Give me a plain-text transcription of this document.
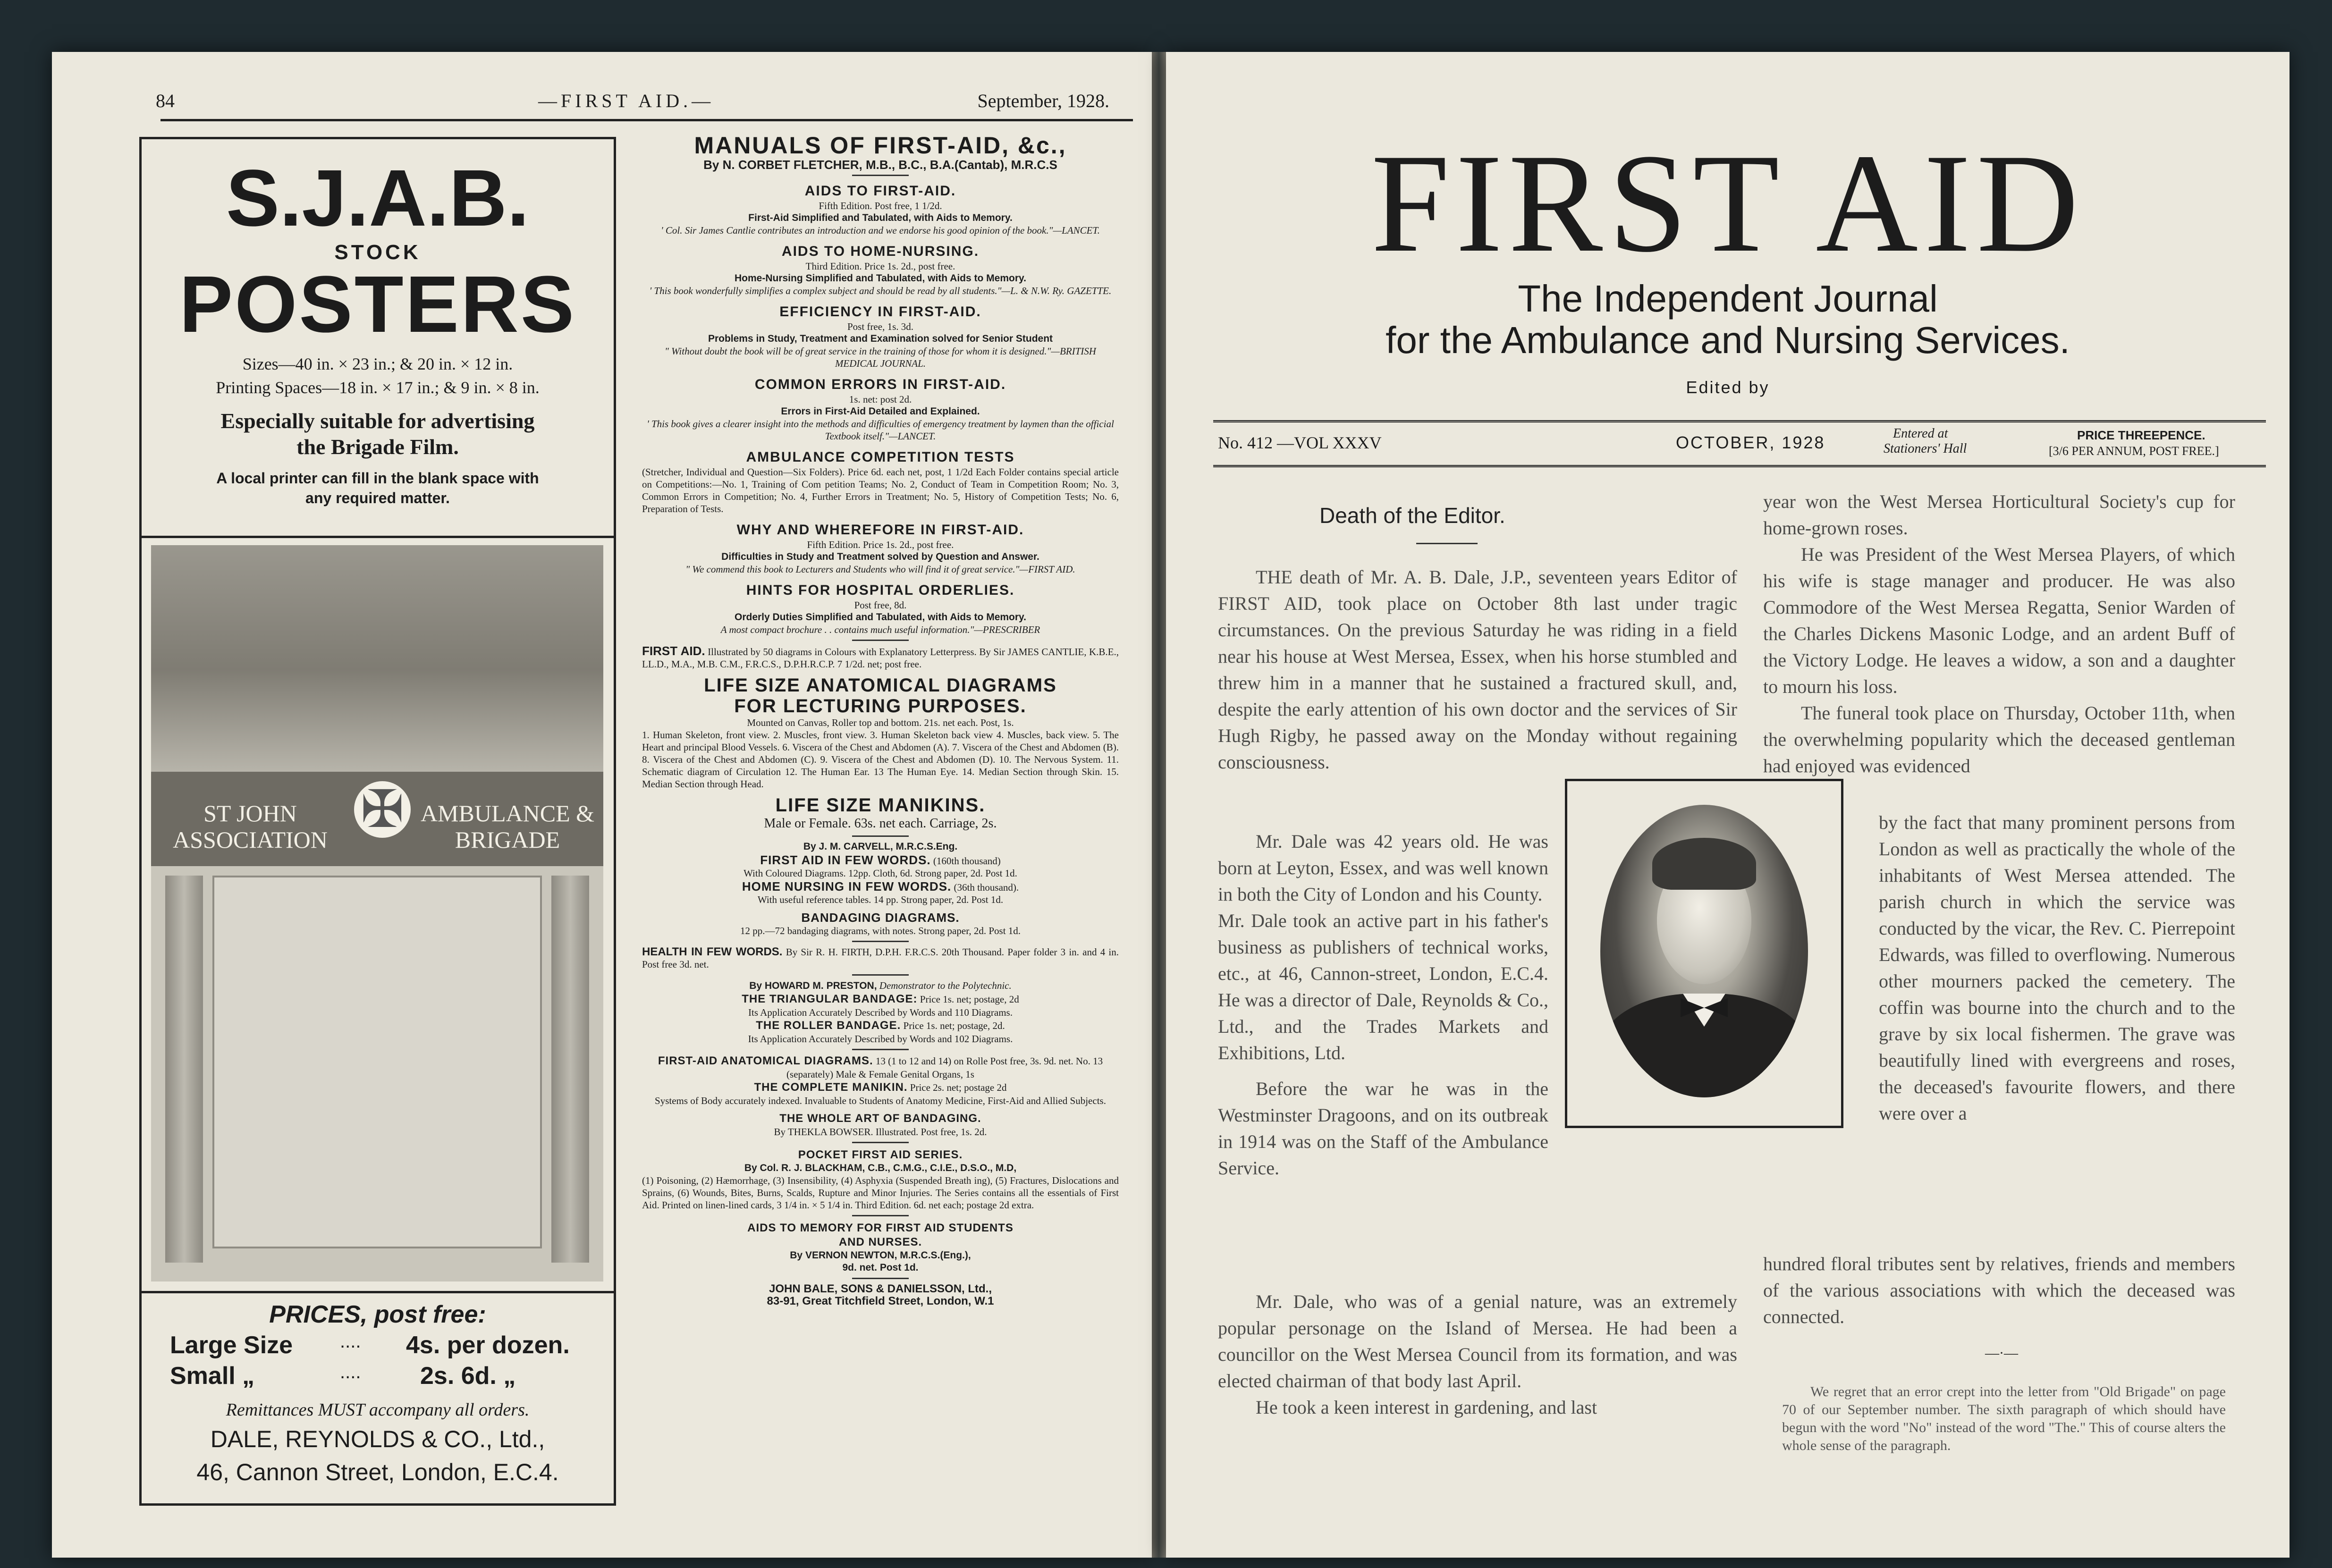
84	—FIRST AID.—	September, 1928.
S.J.A.B.
STOCK
POSTERS
Sizes—40 in. × 23 in.; & 20 in. × 12 in.
Printing Spaces—18 in. × 17 in.; & 9 in. × 8 in.
Especially suitable for advertising
the Brigade Film.
A local printer can fill in the blank space with
any required matter.
ST JOHN ASSOCIATION
✠ AMBULANCE & BRIGADE
PRICES, post free:
Large Size .... 4s. per dozen.
Small „	.... 2s. 6d. „
Remittances MUST accompany all orders.
DALE, REYNOLDS & CO., Ltd.,
46, Cannon Street, London, E.C.4.

MANUALS OF FIRST-AID, &c.,

By N. CORBET FLETCHER, M.B., B.C., B.A.(Cantab), M.R.C.S

AIDS TO FIRST-AID.

Fifth Edition. Post free, 1 1/2d.

First-Aid Simplified and Tabulated, with Aids to Memory.

' Col. Sir James Cantlie contributes an introduction and we endorse his good opinion of the book."—LANCET.

AIDS TO HOME-NURSING.

Third Edition. Price 1s. 2d., post free.

Home-Nursing Simplified and Tabulated, with Aids to Memory.

' This book wonderfully simplifies a complex subject and should be read by all students."—L. & N.W. Ry. GAZETTE.

EFFICIENCY IN FIRST-AID.

Post free, 1s. 3d.

Problems in Study, Treatment and Examination solved for Senior Student

" Without doubt the book will be of great service in the training of those for whom it is designed."—BRITISH MEDICAL JOURNAL.

COMMON ERRORS IN FIRST-AID.

1s. net: post 2d.

Errors in First-Aid Detailed and Explained.

' This book gives a clearer insight into the methods and difficulties of emergency treatment by laymen than the official Textbook itself."—LANCET.

AMBULANCE COMPETITION TESTS

(Stretcher, Individual and Question—Six Folders). Price 6d. each net, post, 1 1/2d Each Folder contains special article on Competitions:—No. 1, Training of Com petition Teams; No. 2, Conduct of Team in Competition Room; No. 3, Common Errors in Competition; No. 4, Further Errors in Treatment; No. 5, History of Competition Tests; No. 6, Preparation of Tests.

WHY AND WHEREFORE IN FIRST-AID.

Fifth Edition. Price 1s. 2d., post free.

Difficulties in Study and Treatment solved by Question and Answer.

" We commend this book to Lecturers and Students who will find it of great service."—FIRST AID.

HINTS FOR HOSPITAL ORDERLIES.

Post free, 8d.

Orderly Duties Simplified and Tabulated, with Aids to Memory.

A most compact brochure . . contains much useful information."—PRESCRIBER

FIRST AID. Illustrated by 50 diagrams in Colours with Explanatory Letterpress. By Sir JAMES CANTLIE, K.B.E., LL.D., M.A., M.B. C.M., F.R.C.S., D.P.H.R.C.P. 7 1/2d. net; post free.

LIFE SIZE ANATOMICAL DIAGRAMS

FOR LECTURING PURPOSES.

Mounted on Canvas, Roller top and bottom. 21s. net each. Post, 1s.

1. Human Skeleton, front view. 2. Muscles, front view. 3. Human Skeleton back view 4. Muscles, back view. 5. The Heart and principal Blood Vessels. 6. Viscera of the Chest and Abdomen (A). 7. Viscera of the Chest and Abdomen (B). 8. Viscera of the Chest and Abdomen (C). 9. Viscera of the Chest and Abdomen (D). 10. The Nervous System. 11. Schematic diagram of Circulation 12. The Human Ear. 13 The Human Eye. 14. Median Section through Skin. 15. Median Section through Head.

LIFE SIZE MANIKINS.

Male or Female. 63s. net each. Carriage, 2s.

By J. M. CARVELL, M.R.C.S.Eng.

FIRST AID IN FEW WORDS. (160th thousand)

With Coloured Diagrams. 12pp. Cloth, 6d. Strong paper, 2d. Post 1d.

HOME NURSING IN FEW WORDS. (36th thousand).

With useful reference tables. 14 pp. Strong paper, 2d. Post 1d.

BANDAGING DIAGRAMS.

12 pp.—72 bandaging diagrams, with notes. Strong paper, 2d. Post 1d.

HEALTH IN FEW WORDS. By Sir R. H. FIRTH, D.P.H. F.R.C.S. 20th Thousand. Paper folder 3 in. and 4 in. Post free 3d. net.

By HOWARD M. PRESTON, Demonstrator to the Polytechnic.

THE TRIANGULAR BANDAGE: Price 1s. net; postage, 2d

Its Application Accurately Described by Words and 110 Diagrams.

THE ROLLER BANDAGE. Price 1s. net; postage, 2d.

Its Application Accurately Described by Words and 102 Diagrams.

FIRST-AID ANATOMICAL DIAGRAMS. 13 (1 to 12 and 14) on Rolle Post free, 3s. 9d. net. No. 13 (separately) Male & Female Genital Organs, 1s

THE COMPLETE MANIKIN. Price 2s. net; postage 2d

Systems of Body accurately indexed. Invaluable to Students of Anatomy Medicine, First-Aid and Allied Subjects.

THE WHOLE ART OF BANDAGING.

By THEKLA BOWSER. Illustrated. Post free, 1s. 2d.

POCKET FIRST AID SERIES.

By Col. R. J. BLACKHAM, C.B., C.M.G., C.I.E., D.S.O., M.D,

(1) Poisoning, (2) Hæmorrhage, (3) Insensibility, (4) Asphyxia (Suspended Breath ing), (5) Fractures, Dislocations and Sprains, (6) Wounds, Bites, Burns, Scalds, Rupture and Minor Injuries. The Series contains all the essentials of First Aid. Printed on linen-lined cards, 3 1/4 in. × 5 1/4 in. Third Edition. 6d. net each; postage 2d extra.

AIDS TO MEMORY FOR FIRST AID STUDENTS

AND NURSES.

By VERNON NEWTON, M.R.C.S.(Eng.),

9d. net. Post 1d.

JOHN BALE, SONS & DANIELSSON, Ltd.,

83-91, Great Titchfield Street, London, W.1

FIRST AID
The Independent Journal
for the Ambulance and Nursing Services.
Edited by
No. 412 —VOL XXXV	OCTOBER, 1928	Entered at
Stationers' Hall
PRICE THREEPENCE.
[3/6 PER ANNUM, POST FREE.]
Death of the Editor.

THE death of Mr. A. B. Dale, J.P., seventeen years Editor of FIRST AID, took place on October 8th last under tragic circumstances. On the previous Saturday he was riding in a field near his house at West Mersea, Essex, when his horse stumbled and threw him in a manner that he sustained a fractured skull, and, despite the early attention of his own doctor and the services of Sir Hugh Rigby, he passed away on the Monday without regaining consciousness.

Mr. Dale was 42 years old. He was born at Leyton, Essex, and was well known in both the City of London and his County.

Mr. Dale took an active part in his father's business as publishers of technical works, etc., at 46, Cannon-street, London, E.C.4. He was a director of Dale, Reynolds & Co., Ltd., and the Trades Markets and Exhibitions, Ltd.

Before the war he was in the Westminster Dragoons, and on its outbreak in 1914 was on the Staff of the Ambulance Service.

Mr. Dale, who was of a genial nature, was an extremely popular personage on the Island of Mersea. He had been a councillor on the West Mersea Council from its formation, and was elected chairman of that body last April.

He took a keen interest in gardening, and last

year won the West Mersea Horticultural Society's cup for home-grown roses.

He was President of the West Mersea Players, of which his wife is stage manager and producer. He was also Commodore of the West Mersea Regatta, Senior Warden of the Charles Dickens Masonic Lodge, and an ardent Buff of the Victory Lodge. He leaves a widow, a son and a daughter to mourn his loss.

The funeral took place on Thursday, October 11th, when the overwhelming popularity which the deceased gentleman had enjoyed was evidenced

by the fact that many prominent persons from London as well as practically the whole of the inhabitants of West Mersea attended. The parish church in which the service was conducted by the vicar, the Rev. C. Pierrepoint Edwards, was filled to overflowing. Numerous other mourners packed the cemetery. The coffin was bourne into the church and to the grave by six local fishermen. The grave was beautifully lined with evergreens and roses, the deceased's favourite flowers, and there were over a

hundred floral tributes sent by relatives, friends and members of the various associations with which the deceased was connected.

—·—
We regret that an error crept into the letter from "Old Brigade" on page 70 of our September number. The sixth paragraph of which should have begun with the word "No" instead of the word "The." This of course alters the whole sense of the paragraph.
